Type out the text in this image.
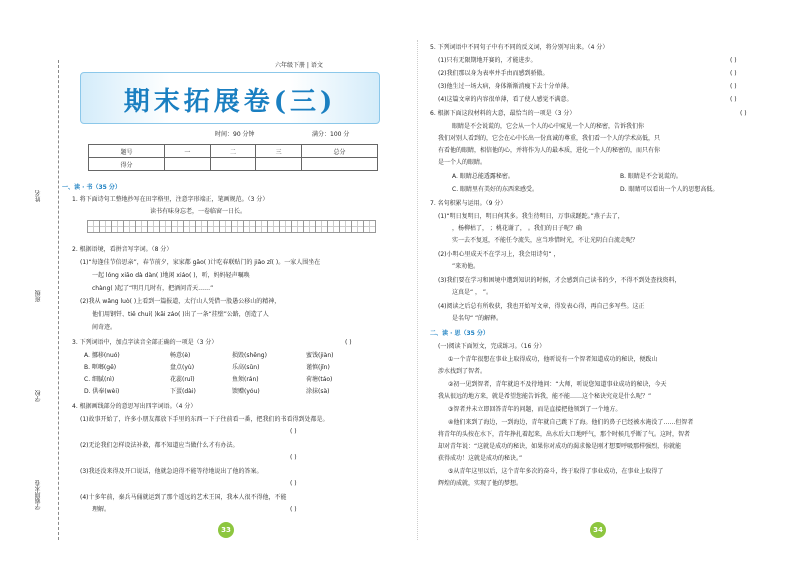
学霸期末卷
学校
班级
姓名
六年级下册 | 语文
期末拓展卷(三)
时间：90 分钟	满分：100 分
题号	一	二	三	总分
得分				
一、读 · 书（35 分）
1. 将下面诗句工整地抄写在田字格里，注意字形端正，笔画规范。（3 分）
读书有味身忘老，一卷临窗一日长。
2. 根据语境，看拼音写字词。（8 分）
(1)“每逢佳节倍思亲”，春节前夕，家家都 gāo( )计吃春联贴门的 jiǎo zǐ( )。一家人围坐在
一起 lóng xiāo dà dàn( )地闲 xiáo( )，听，妈妈轻声嘱唤
chàng( )起了“明月几时有，把酒问青天……”
(2)我从 wǎng luò( )上看到一篇报道，太行山人凭借一股愚公移山的精神，
他们用钢钎、tiě chuí( )kāi záo( )出了一条“挂壁”公路，创造了人
间奇迹。
3. 下列词语中，加点字读音全部正确的一项是（3 分）	( )
A. 挪移(nuó)	畅意(è)	损毁(shēng)	蜜饯(jiàn)
B. 哐啷(gē)	盘点(yù)	乐高(sǔn)	谨慎(jǐn)
C. 细腻(nì)	花蕊(ruǐ)	鱼须(rán)	荷塘(táo)
D. 供奉(wèi)	下蛋(dài)	馈赠(yóu)	涂抹(sà)
4. 根据画线部分的意思写出四字词语。（4 分）
(1)故事开始了，许多小朋友都放下手里的东西一下子往前看一番，把我们的书看得到处都是。
( )
(2)无论我们怎样设法补救，都不知道应当做什么才有办法。
( )
(3)我还没来得及开口说话，他就急迫得不能等待地说出了他的答案。
( )
(4)十多年前，秦兵马俑就运到了那个遥远的艺术王国，我本人很不得他，不能
理解。	( )
33
5. 下列词语中不同句子中有不同的反义词，将分别写出来。（4 分）
(1)只有无限期地开赛的，才能进步。	( )
(2)我们那以身为表率并手由而感到骄傲。	( )
(3)他生过一场大病，身体渐渐消瘦下去十分单薄。	( )
(4)这篇文章的内容很单薄，看了使人感觉不满意。	( )
6. 根据下面这段材料的大意，最恰当的一项是（3 分）	( )
眼睛是不会说谎的，它会从一个人的心中窥见一个人的秘密，告诉我们你
我们对别人看到的，它会在心中长出一份真诚的尊重，我们看一个人的学术高低，只
有看他的眼睛，相信他的心，并将作为人的最本质，进化一个人的秘密的，而只有你
是一个人的眼睛。
A. 眼睛总能透露秘密。	B. 眼睛是不会说谎的。
C. 眼睛里有美好的东西来感受。	D. 眼睛可以看出一个人的思想高低。
7. 名句积累与运用。（9 分）
(1)“明日复明日，明日何其多。我生待明日，万事成蹉跎。”燕子去了，
，杨柳枯了， ；桃花谢了， 。我们的日子呢？确
实一去不复返，不能任令流失，应当珍惜时光，不让光阴白白流走呢？
(2)小明心里成天不在学习上，我会用诗句“ ，
”来劝他。
(3)我们要在学习和困境中遭到知识的时候，才会感到自己读书的少，不得不到处查找资料，
这真是“ ， ”。
(4)阅读之后总有所收获，我也开始写文章，得发表心得，再自己多写些。这正
是名句“ ”的解释。
二、读 · 思（35 分）
(一)阅读下面短文，完成练习。（16 分）
①一个青年很想在事业上取得成功，他听说有一个智者知道成功的秘诀，便跋山
涉水找到了智者。
②初一见到智者，青年就迫不及待地问：“大师，听说您知道事业成功的秘诀，今天
我从很远的地方来，就是希望您能告诉我，能不能……这个秘诀究竟是什么呢？”
③智者并未立即回答青年的问题，而是直接把他领到了一个地方。
④他们来到了海边，一到海边，青年就自己跳下了海。他们的鼻子已经被水淹没了……但智者
将青年的头按在水下，青年挣扎着起来，出水后大口地呼气，那个时候几乎断了气。这时，智者
却对青年说：“这就是成功的秘诀，如果你对成功的渴求像是刚才想要呼吸那样强烈，你就能
获得成功！这就是成功的秘诀。”
⑤从青年这里以后，这个青年多次的奋斗，终于取得了事业成功，在事业上取得了
辉煌的成就，实现了他的梦想。
34
